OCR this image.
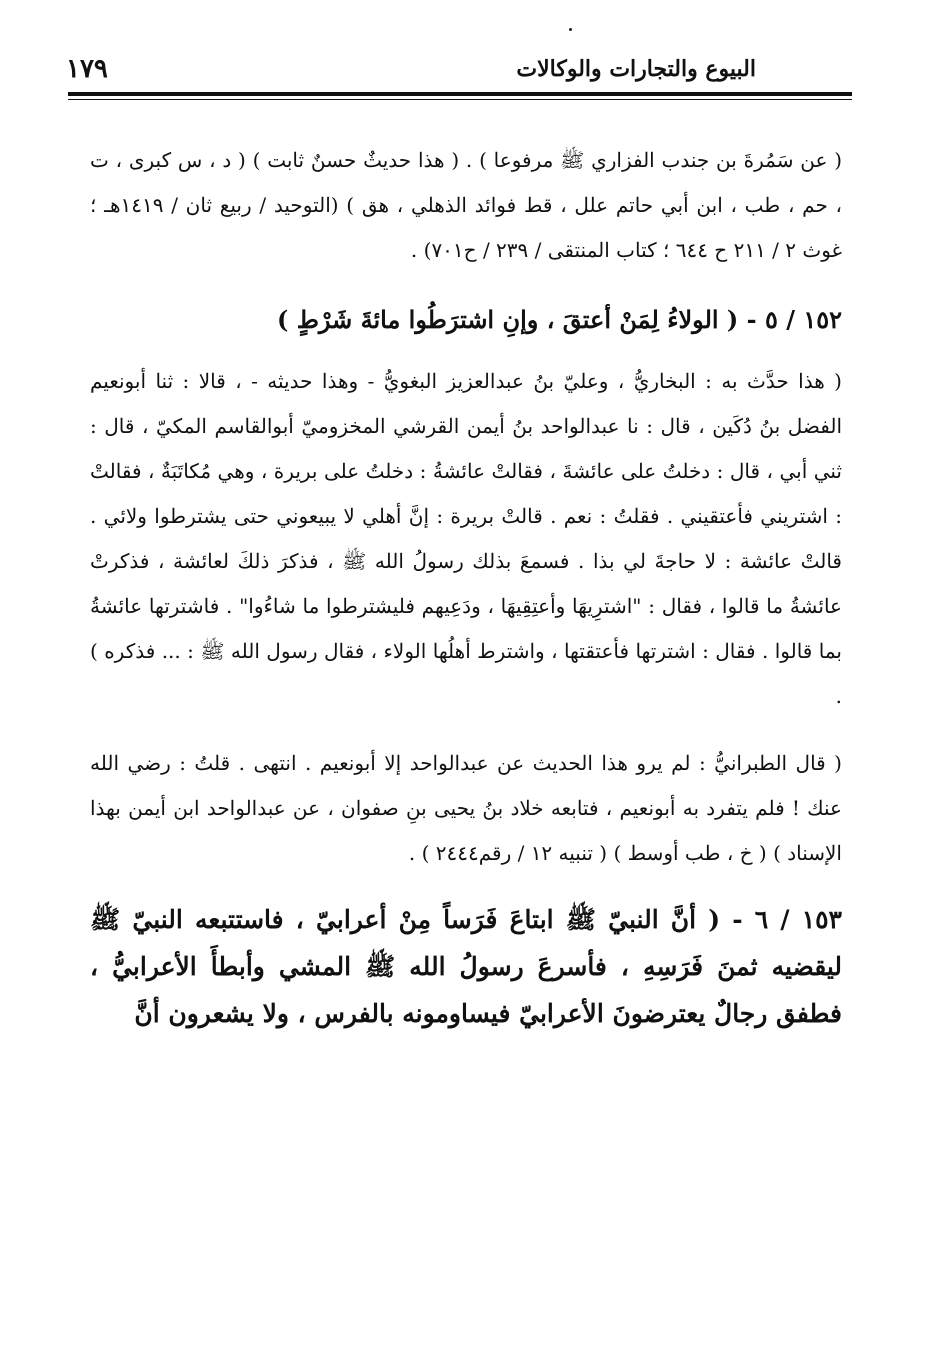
البيوع والتجارات والوكالات
١٧٩

( عن سَمُرةَ بن جندب الفزاري ﷺ مرفوعا ) . ( هذا حديثٌ حسنٌ ثابت ) ( د ، س كبرى ، ت ، حم ، طب ، ابن أبي حاتم علل ، قط فوائد الذهلي ، هق ) (التوحيد / ربيع ثان / ١٤١٩هـ ؛ غوث ٢ / ٢١١ ح ٦٤٤ ؛ كتاب المنتقى / ٢٣٩ / ح٧٠١) .

١٥٢ / ٥ - ( الولاءُ لِمَنْ أعتقَ ، وإنِ اشترَطُوا مائةَ شَرْطٍ )

( هذا حدَّث به : البخاريُّ ، وعليّ بنُ عبدالعزيز البغويُّ - وهذا حديثه - ، قالا : ثنا أبونعيم الفضل بنُ دُكَين ، قال : نا عبدالواحد بنُ أيمن القرشي المخزوميّ أبوالقاسم المكيّ ، قال : ثني أبي ، قال : دخلتُ على عائشةَ ، فقالتْ عائشةُ : دخلتُ على بريرة ، وهي مُكاتَبَةٌ ، فقالتْ : اشتريني فأعتقيني . فقلتُ : نعم . قالتْ بريرة : إنَّ أهلي لا يبيعوني حتى يشترطوا ولائي . قالتْ عائشة : لا حاجةَ لي بذا . فسمعَ بذلك رسولُ الله ﷺ ، فذكرَ ذلكَ لعائشة ، فذكرتْ عائشةُ ما قالوا ، فقال : "اشترِيهَا وأعتِقِيهَا ، ودَعِيهم فليشترطوا ما شاءُوا" . فاشترتها عائشةُ بما قالوا . فقال : اشترتها فأعتقتها ، واشترط أهلُها الولاء ، فقال رسول الله ﷺ : ... فذكره ) .

( قال الطبرانيُّ : لم يرو هذا الحديث عن عبدالواحد إلا أبونعيم . انتهى . قلتُ : رضي الله عنك ! فلم يتفرد به أبونعيم ، فتابعه خلاد بنُ يحيى بنِ صفوان ، عن عبدالواحد ابن أيمن بهذا الإسناد ) ( خ ، طب أوسط ) ( تنبيه ١٢ / رقم٢٤٤٤ ) .

١٥٣ / ٦ - ( أنَّ النبيّ ﷺ ابتاعَ فَرَساً مِنْ أعرابيّ ، فاستتبعه النبيّ ﷺ ليقضيه ثمنَ فَرَسِهِ ، فأسرعَ رسولُ الله ﷺ المشي وأبطأَ الأعرابيُّ ، فطفق رجالٌ يعترضونَ الأعرابيّ فيساومونه بالفرس ، ولا يشعرون أنَّ
